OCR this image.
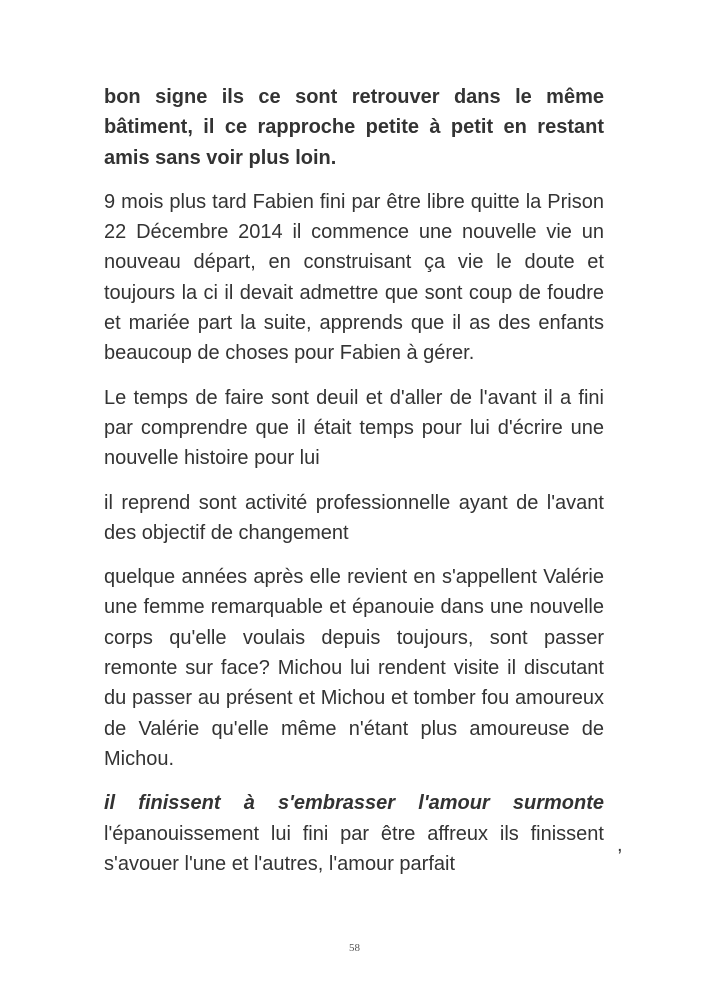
bon signe ils ce sont retrouver dans le même bâtiment, il ce rapproche petite à petit en restant amis sans voir plus loin.

9 mois plus tard Fabien fini par être libre quitte la Prison 22 Décembre 2014 il commence une nouvelle vie un nouveau départ, en construisant ça vie le doute et toujours la ci il devait admettre que sont coup de foudre et mariée part la suite, apprends que il as des enfants beaucoup de choses pour Fabien à gérer.

Le temps de faire sont deuil et d'aller de l'avant il a fini par comprendre que il était temps pour lui d'écrire une nouvelle histoire pour lui

il reprend sont activité professionnelle ayant de l'avant des objectif de changement

quelque années après elle revient en s'appellent Valérie une femme remarquable et épanouie dans une nouvelle corps qu'elle voulais depuis toujours, sont passer remonte sur face? Michou lui rendent visite il discutant du passer au présent et Michou et tomber fou amoureux de Valérie qu'elle même n'étant plus amoureuse de Michou.

il finissent à s'embrasser l'amour surmonte l'épanouissement lui fini par être affreux ils finissent s'avouer l'une et l'autres, l'amour parfait

,
58
